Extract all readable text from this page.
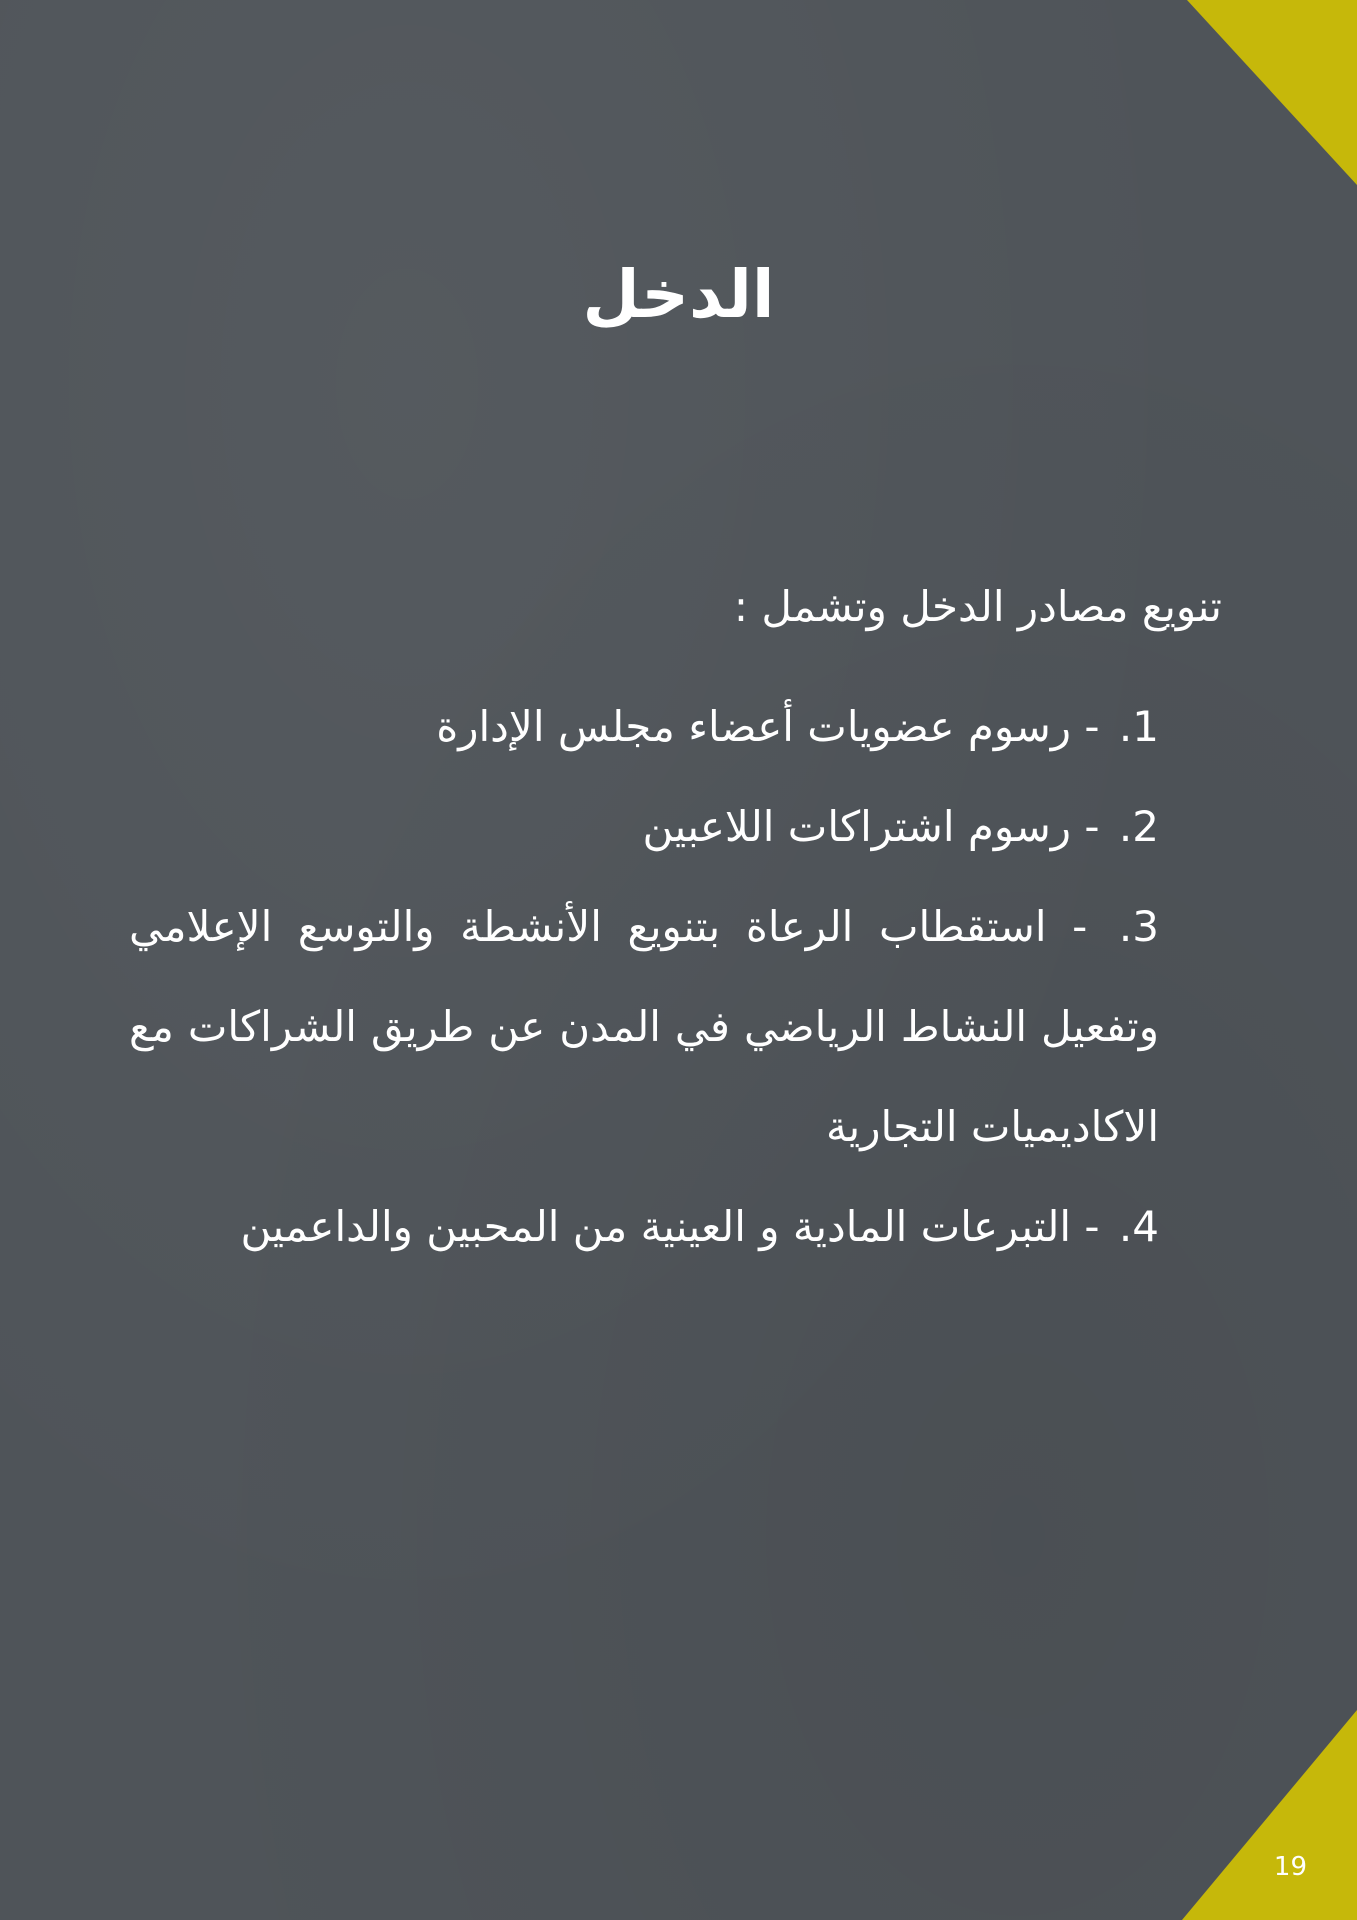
الدخل

تنويع مصادر الدخل وتشمل :

1. - رسوم عضويات أعضاء مجلس الإدارة
2. - رسوم اشتراكات اللاعبين
3. - استقطاب الرعاة بتنويع الأنشطة والتوسع الإعلامي وتفعيل النشاط الرياضي في المدن عن طريق الشراكات مع الاكاديميات التجارية
4. - التبرعات المادية و العينية من المحبين والداعمين
19
